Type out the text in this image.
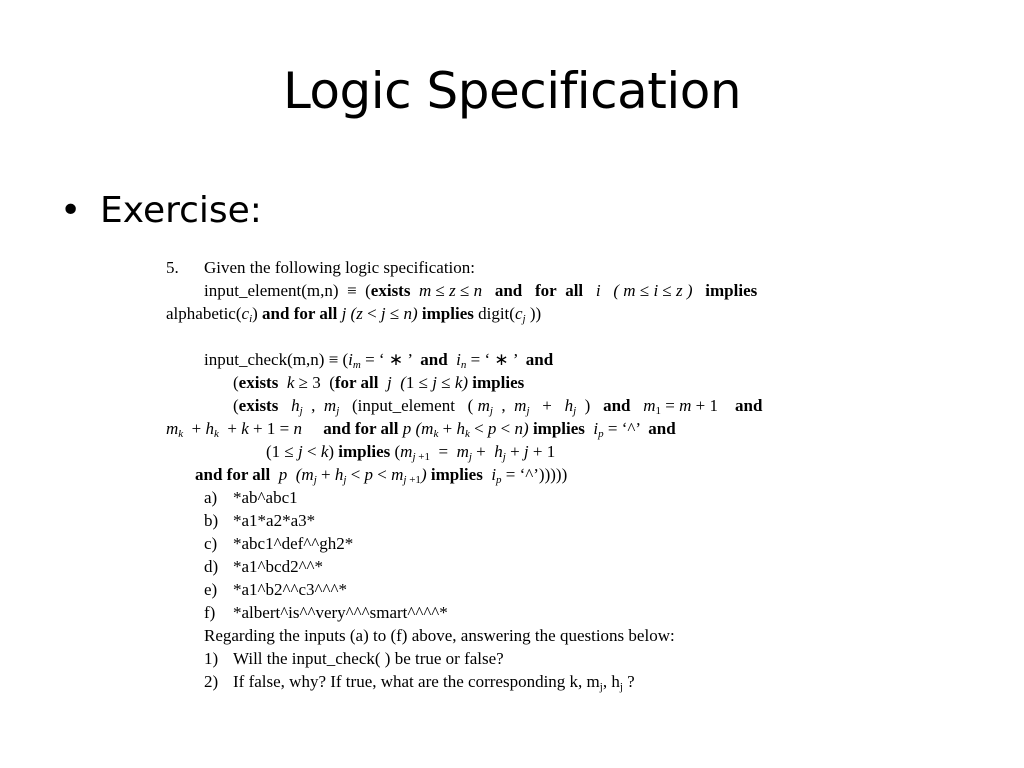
Logic Specification
• Exercise:
5. Given the following logic specification:
input_element(m,n)  ≡  (exists m ≤ z ≤ n and for all i ( m ≤ i ≤ z ) implies
$alphabetic(c_i)$ and for all j (z < j ≤ n) implies $digit(c_j$ ))
input_check(m,n) ≡ ($i_m$ = ‘ ∗ ’  and $i_n$ = ‘ ∗ ’  and
(exists k ≥ 3  (for all j (1 ≤ j ≤ k) implies
(exists $h_j$  ,  $m_j$   (input_element   ( $m_j$  ,  $m_j + h_j$  )   and $m_1 = m + 1$    and
$m_k + h_k + k + 1 = n$ and for all p $(m_k + h_k < p < n)$ implies $i_p$ = ‘^’  and
(1 ≤ j < k) implies ($m_{j +1} = m_j + h_j + j + 1$
and for all p $(m_j + h_j < p < m_{j +1})$ implies $i_p$ = ‘^’)))))
a) *ab^abc1
b) *a1*a2*a3*
c) *abc1^def^^gh2*
d) *a1^bcd2^^*
e) *a1^b2^^c3^^^*
f) *albert^is^^very^^^smart^^^^*
Regarding the inputs (a) to (f) above, answering the questions below:
1) Will the input_check( ) be true or false?
2) If false, why? If true, what are the corresponding k, $m_j$, $h_j$ ?
